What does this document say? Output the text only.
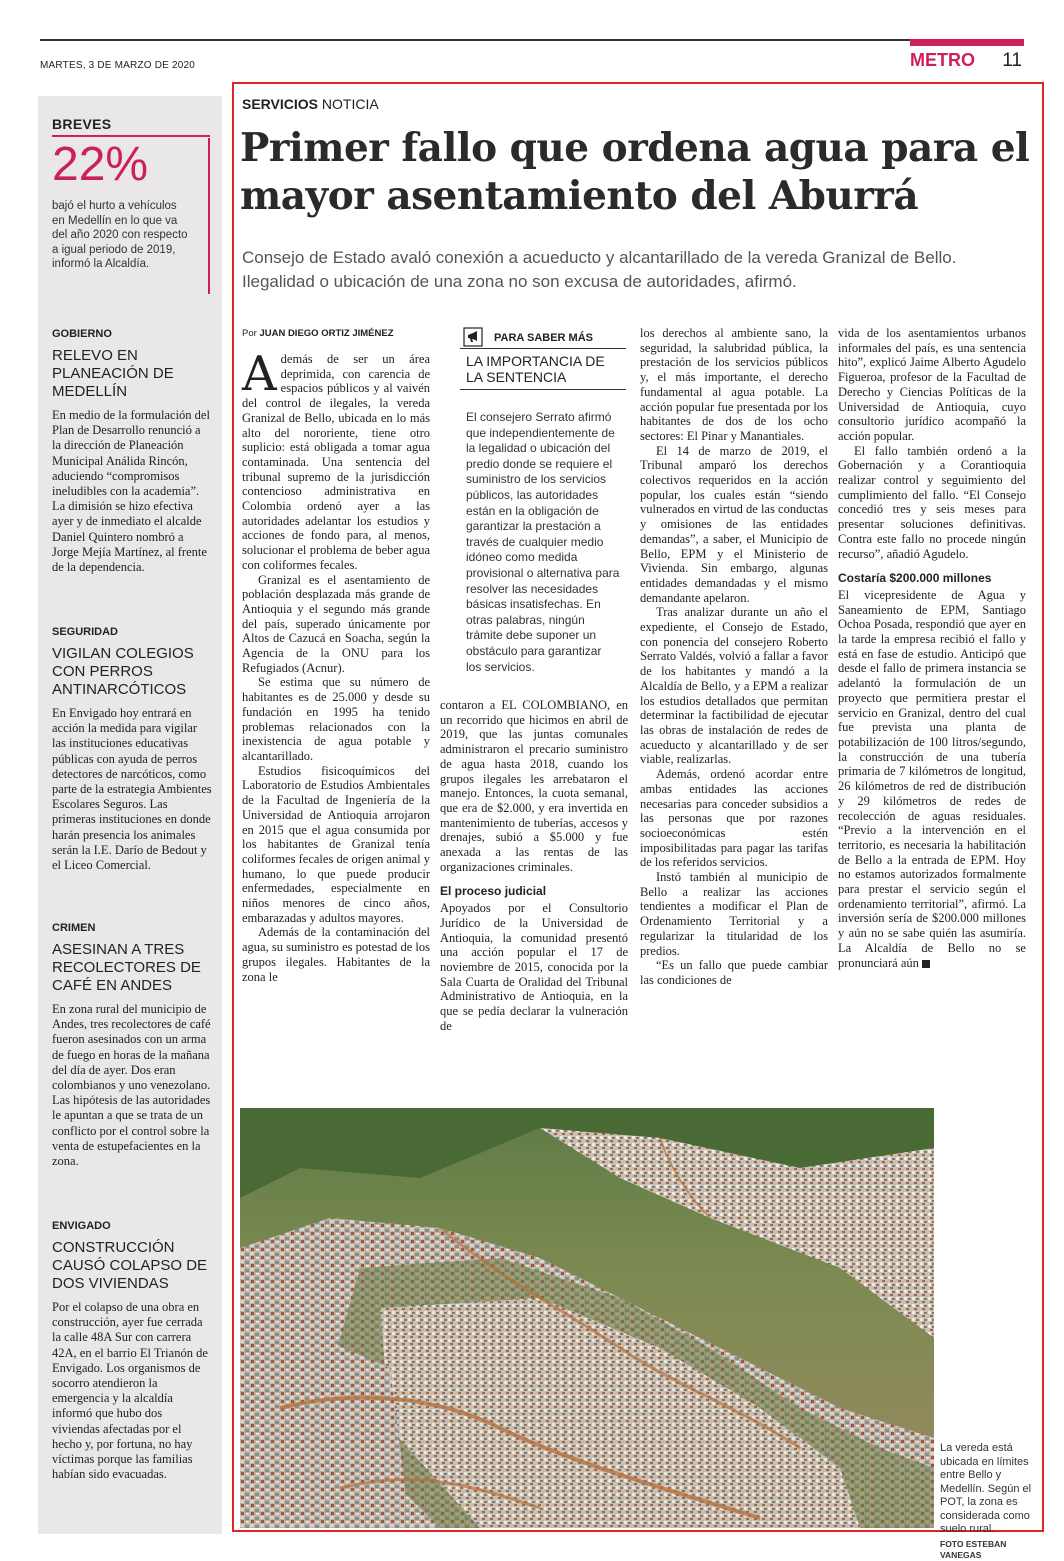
MARTES, 3 DE MARZO DE 2020	METRO 11
BREVES
22%
bajó el hurto a vehículos en Medellín en lo que va del año 2020 con respecto a igual periodo de 2019, informó la Alcaldía.
GOBIERNO
RELEVO EN PLANEACIÓN DE MEDELLÍN
En medio de la formulación del Plan de Desarrollo renunció a la dirección de Planeación Municipal Análida Rincón, aduciendo “compromisos ineludibles con la academia”. La dimisión se hizo efectiva ayer y de inmediato el alcalde Daniel Quintero nombró a Jorge Mejía Martínez, al frente de la dependencia.
SEGURIDAD
VIGILAN COLEGIOS CON PERROS ANTINARCÓTICOS
En Envigado hoy entrará en acción la medida para vigilar las instituciones educativas públicas con ayuda de perros detectores de narcóticos, como parte de la estrategia Ambientes Escolares Seguros. Las primeras instituciones en donde harán presencia los animales serán la I.E. Darío de Bedout y el Liceo Comercial.
CRIMEN
ASESINAN A TRES RECOLECTORES DE CAFÉ EN ANDES
En zona rural del municipio de Andes, tres recolectores de café fueron asesinados con un arma de fuego en horas de la mañana del día de ayer. Dos eran colombianos y uno venezolano. Las hipótesis de las autoridades le apuntan a que se trata de un conflicto por el control sobre la venta de estupefacientes en la zona.
ENVIGADO
CONSTRUCCIÓN CAUSÓ COLAPSO DE DOS VIVIENDAS
Por el colapso de una obra en construcción, ayer fue cerrada la calle 48A Sur con carrera 42A, en el barrio El Trianón de Envigado. Los organismos de socorro atendieron la emergencia y la alcaldía informó que hubo dos viviendas afectadas por el hecho y, por fortuna, no hay víctimas porque las familias habían sido evacuadas.
SERVICIOS NOTICIA
Primer fallo que ordena agua para el mayor asentamiento del Aburrá
Consejo de Estado avaló conexión a acueducto y alcantarillado de la vereda Granizal de Bello. Ilegalidad o ubicación de una zona no son excusa de autoridades, afirmó.
Por JUAN DIEGO ORTIZ JIMÉNEZ

Además de ser un área deprimida, con carencia de espacios públicos y al vaivén del control de ilegales, la vereda Granizal de Bello, ubicada en lo más alto del nororiente, tiene otro suplicio: está obligada a tomar agua contaminada. Una sentencia del tribunal supremo de la jurisdicción contencioso administrativa en Colombia ordenó ayer a las autoridades adelantar los estudios y acciones de fondo para, al menos, solucionar el problema de beber agua con coliformes fecales.

Granizal es el asentamiento de población desplazada más grande de Antioquia y el segundo más grande del país, superado únicamente por Altos de Cazucá en Soacha, según la Agencia de la ONU para los Refugiados (Acnur).

Se estima que su número de habitantes es de 25.000 y desde su fundación en 1995 ha tenido problemas relacionados con la inexistencia de agua potable y alcantarillado.

Estudios fisicoquímicos del Laboratorio de Estudios Ambientales de la Facultad de Ingeniería de la Universidad de Antioquia arrojaron en 2015 que el agua consumida por los habitantes de Granizal tenía coliformes fecales de origen animal y humano, lo que puede producir enfermedades, especialmente en niños menores de cinco años, embarazadas y adultos mayores.

Además de la contaminación del agua, su suministro es potestad de los grupos ilegales. Habitantes de la zona le

PARA SABER MÁS
LA IMPORTANCIA DE LA SENTENCIA
El consejero Serrato afirmó que independientemente de la legalidad o ubicación del predio donde se requiere el suministro de los servicios públicos, las autoridades están en la obligación de garantizar la prestación a través de cualquier medio idóneo como medida provisional o alternativa para resolver las necesidades básicas insatisfechas. En otras palabras, ningún trámite debe suponer un obstáculo para garantizar los servicios.

contaron a EL COLOMBIANO, en un recorrido que hicimos en abril de 2019, que las juntas comunales administraron el precario suministro de agua hasta 2018, cuando los grupos ilegales les arrebataron el manejo. Entonces, la cuota semanal, que era de $2.000, y era invertida en mantenimiento de tuberías, accesos y drenajes, subió a $5.000 y fue anexada a las rentas de las organizaciones criminales.

El proceso judicial

Apoyados por el Consultorio Jurídico de la Universidad de Antioquia, la comunidad presentó una acción popular el 17 de noviembre de 2015, conocida por la Sala Cuarta de Oralidad del Tribunal Administrativo de Antioquia, en la que se pedía declarar la vulneración de

los derechos al ambiente sano, la seguridad, la salubridad pública, la prestación de los servicios públicos y, el más importante, el derecho fundamental al agua potable. La acción popular fue presentada por los habitantes de dos de los ocho sectores: El Pinar y Manantiales.

El 14 de marzo de 2019, el Tribunal amparó los derechos colectivos requeridos en la acción popular, los cuales están “siendo vulnerados en virtud de las conductas y omisiones de las entidades demandas”, a saber, el Municipio de Bello, EPM y el Ministerio de Vivienda. Sin embargo, algunas entidades demandadas y el mismo demandante apelaron.

Tras analizar durante un año el expediente, el Consejo de Estado, con ponencia del consejero Roberto Serrato Valdés, volvió a fallar a favor de los habitantes y mandó a la Alcaldía de Bello, y a EPM a realizar los estudios detallados que permitan determinar la factibilidad de ejecutar las obras de instalación de redes de acueducto y alcantarillado y de ser viable, realizarlas.

Además, ordenó acordar entre ambas entidades las acciones necesarias para conceder subsidios a las personas que por razones socioeconómicas estén imposibilitadas para pagar las tarifas de los referidos servicios.

Instó también al municipio de Bello a realizar las acciones tendientes a modificar el Plan de Ordenamiento Territorial y a regularizar la titularidad de los predios.

“Es un fallo que puede cambiar las condiciones de

vida de los asentamientos urbanos informales del país, es una sentencia hito”, explicó Jaime Alberto Agudelo Figueroa, profesor de la Facultad de Derecho y Ciencias Políticas de la Universidad de Antioquia, cuyo consultorio jurídico acompañó la acción popular.

El fallo también ordenó a la Gobernación y a Corantioquia realizar control y seguimiento del cumplimiento del fallo. “El Consejo concedió tres y seis meses para presentar soluciones definitivas. Contra este fallo no procede ningún recurso”, añadió Agudelo.

Costaría $200.000 millones

El vicepresidente de Agua y Saneamiento de EPM, Santiago Ochoa Posada, respondió que ayer en la tarde la empresa recibió el fallo y está en fase de estudio. Anticipó que desde el fallo de primera instancia se adelantó la formulación de un proyecto que permitiera prestar el servicio en Granizal, dentro del cual fue prevista una planta de potabilización de 100 litros/segundo, la construcción de una tubería primaria de 7 kilómetros de longitud, 26 kilómetros de red de distribución y 29 kilómetros de redes de recolección de aguas residuales. “Previo a la intervención en el territorio, es necesaria la habilitación de Bello a la entrada de EPM. Hoy no estamos autorizados formalmente para prestar el servicio según el ordenamiento territorial”, afirmó. La inversión sería de $200.000 millones y aún no se sabe quién las asumiría. La Alcaldía de Bello no se pronunciará aún

La vereda está ubicada en límites entre Bello y Medellín. Según el POT, la zona es considerada como suelo rural.
FOTO ESTEBAN VANEGAS
